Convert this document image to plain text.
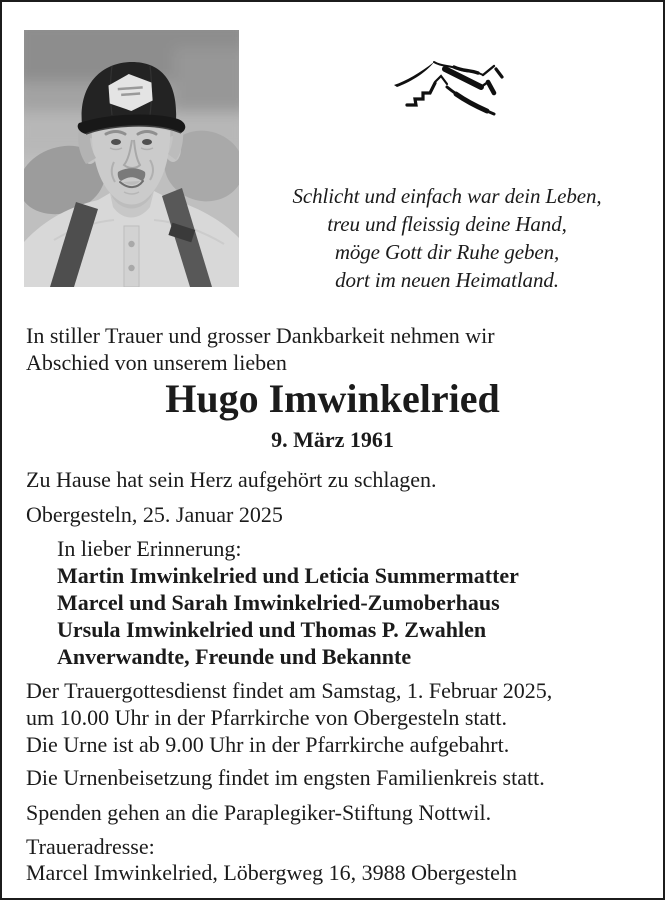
Schlicht und einfach war dein Leben,
treu und fleissig deine Hand,
möge Gott dir Ruhe geben,
dort im neuen Heimatland.
In stiller Trauer und grosser Dankbarkeit nehmen wir
Abschied von unserem lieben
Hugo Imwinkelried
9. März 1961
Zu Hause hat sein Herz aufgehört zu schlagen.
Obergesteln, 25. Januar 2025
In lieber Erinnerung:
Martin Imwinkelried und Leticia Summermatter
Marcel und Sarah Imwinkelried-Zumoberhaus
Ursula Imwinkelried und Thomas P. Zwahlen
Anverwandte, Freunde und Bekannte
Der Trauergottesdienst findet am Samstag, 1. Februar 2025,
um 10.00 Uhr in der Pfarrkirche von Obergesteln statt.
Die Urne ist ab 9.00 Uhr in der Pfarrkirche aufgebahrt.
Die Urnenbeisetzung findet im engsten Familienkreis statt.
Spenden gehen an die Paraplegiker-Stiftung Nottwil.
Traueradresse:
Marcel Imwinkelried, Löbergweg 16, 3988 Obergesteln
